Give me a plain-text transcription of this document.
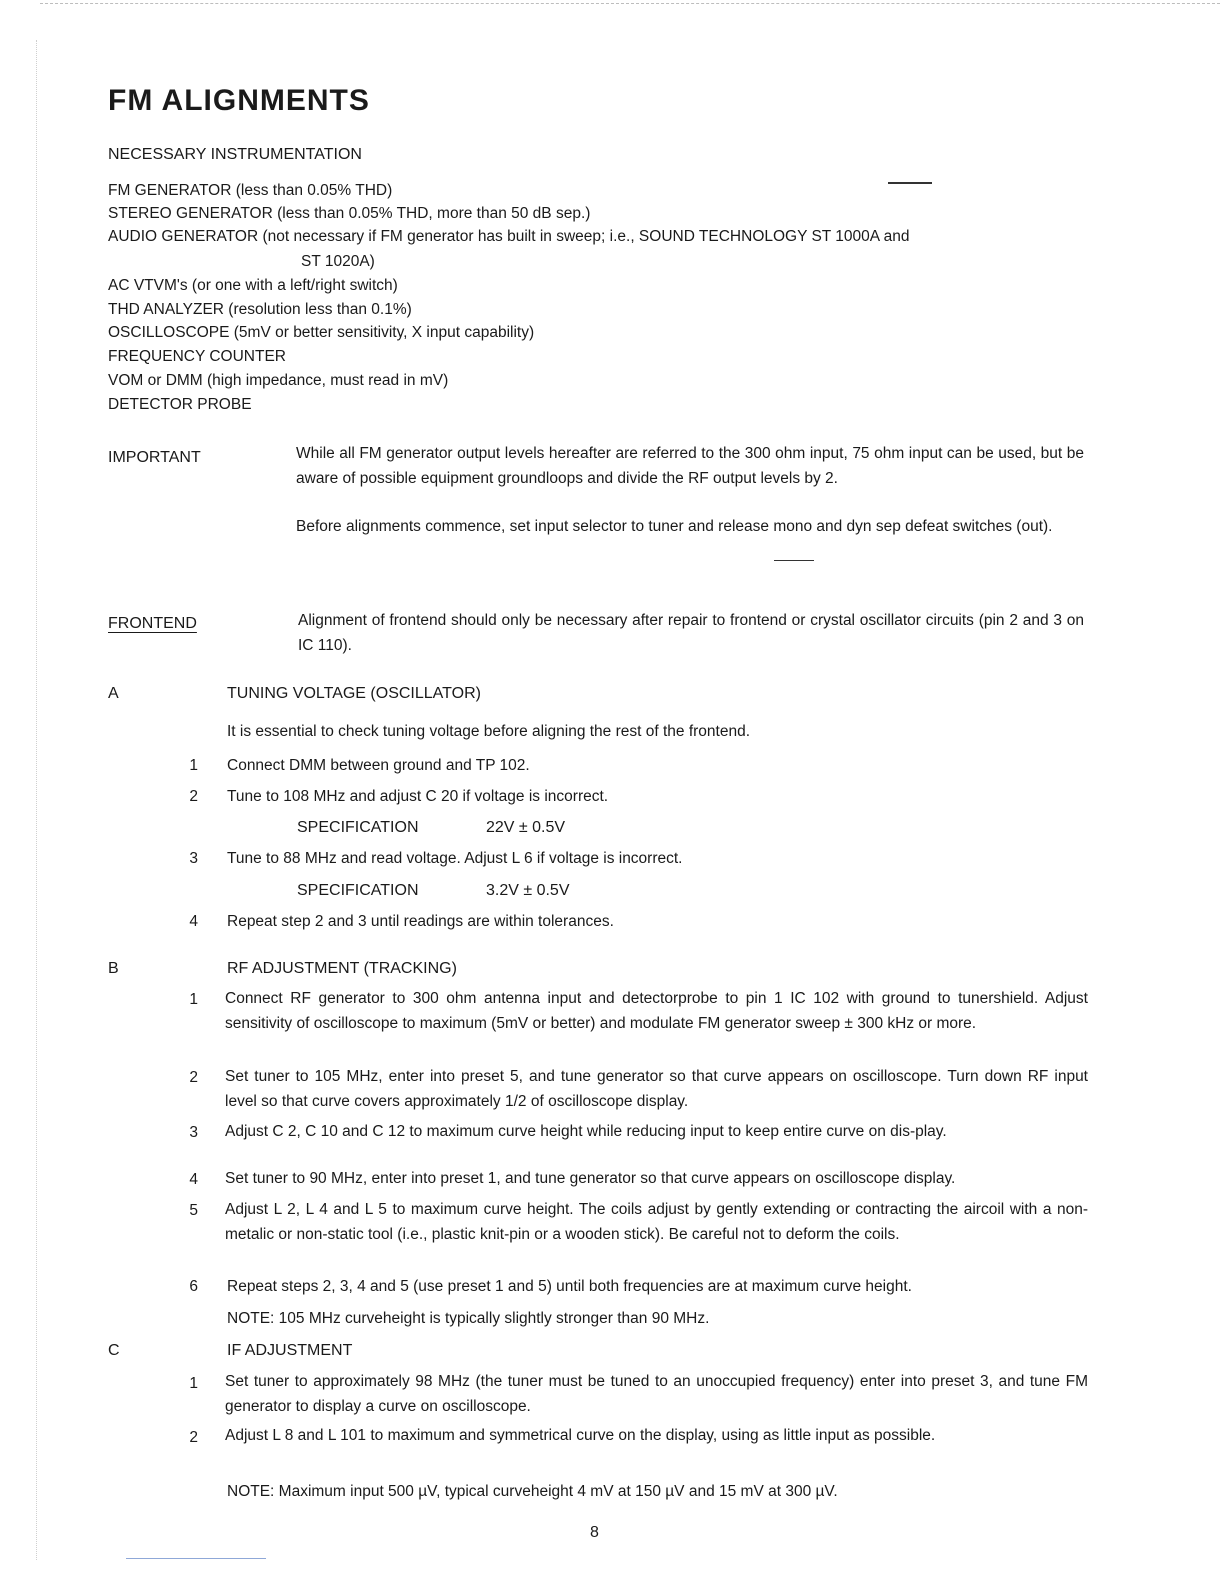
FM ALIGNMENTS
NECESSARY INSTRUMENTATION
FM GENERATOR (less than 0.05% THD)
STEREO GENERATOR (less than 0.05% THD, more than 50 dB sep.)
AUDIO GENERATOR (not necessary if FM generator has built in sweep; i.e., SOUND TECHNOLOGY ST 1000A and
ST 1020A)
AC VTVM's (or one with a left/right switch)
THD ANALYZER (resolution less than 0.1%)
OSCILLOSCOPE (5mV or better sensitivity, X input capability)
FREQUENCY COUNTER
VOM or DMM (high impedance, must read in mV)
DETECTOR PROBE
IMPORTANT	While all FM generator output levels hereafter are referred to the 300 ohm input, 75 ohm input can be used, but be aware of possible equipment groundloops and divide the RF output levels by 2.
Before alignments commence, set input selector to tuner and release mono and dyn sep defeat switches (out).
FRONTEND	Alignment of frontend should only be necessary after repair to frontend or crystal oscillator circuits (pin 2 and 3 on IC 110).
A	TUNING VOLTAGE (OSCILLATOR)
It is essential to check tuning voltage before aligning the rest of the frontend.
1 Connect DMM between ground and TP 102.
2 Tune to 108 MHz and adjust C 20 if voltage is incorrect.
SPECIFICATION	22V ± 0.5V
3 Tune to 88 MHz and read voltage. Adjust L 6 if voltage is incorrect.
SPECIFICATION	3.2V ± 0.5V
4 Repeat step 2 and 3 until readings are within tolerances.
B	RF ADJUSTMENT (TRACKING)
1 Connect RF generator to 300 ohm antenna input and detectorprobe to pin 1 IC 102 with ground to tunershield. Adjust sensitivity of oscilloscope to maximum (5mV or better) and modulate FM generator sweep ± 300 kHz or more.
2 Set tuner to 105 MHz, enter into preset 5, and tune generator so that curve appears on oscilloscope. Turn down RF input level so that curve covers approximately 1/2 of oscilloscope display.
3 Adjust C 2, C 10 and C 12 to maximum curve height while reducing input to keep entire curve on dis-play.
4 Set tuner to 90 MHz, enter into preset 1, and tune generator so that curve appears on oscilloscope display.
5 Adjust L 2, L 4 and L 5 to maximum curve height. The coils adjust by gently extending or contracting the aircoil with a non-metalic or non-static tool (i.e., plastic knit-pin or a wooden stick). Be careful not to deform the coils.
6 Repeat steps 2, 3, 4 and 5 (use preset 1 and 5) until both frequencies are at maximum curve height.
NOTE: 105 MHz curveheight is typically slightly stronger than 90 MHz.
C	IF ADJUSTMENT
1 Set tuner to approximately 98 MHz (the tuner must be tuned to an unoccupied frequency) enter into preset 3, and tune FM generator to display a curve on oscilloscope.
2 Adjust L 8 and L 101 to maximum and symmetrical curve on the display, using as little input as possible.
NOTE: Maximum input 500 µV, typical curveheight 4 mV at 150 µV and 15 mV at 300 µV.
8
